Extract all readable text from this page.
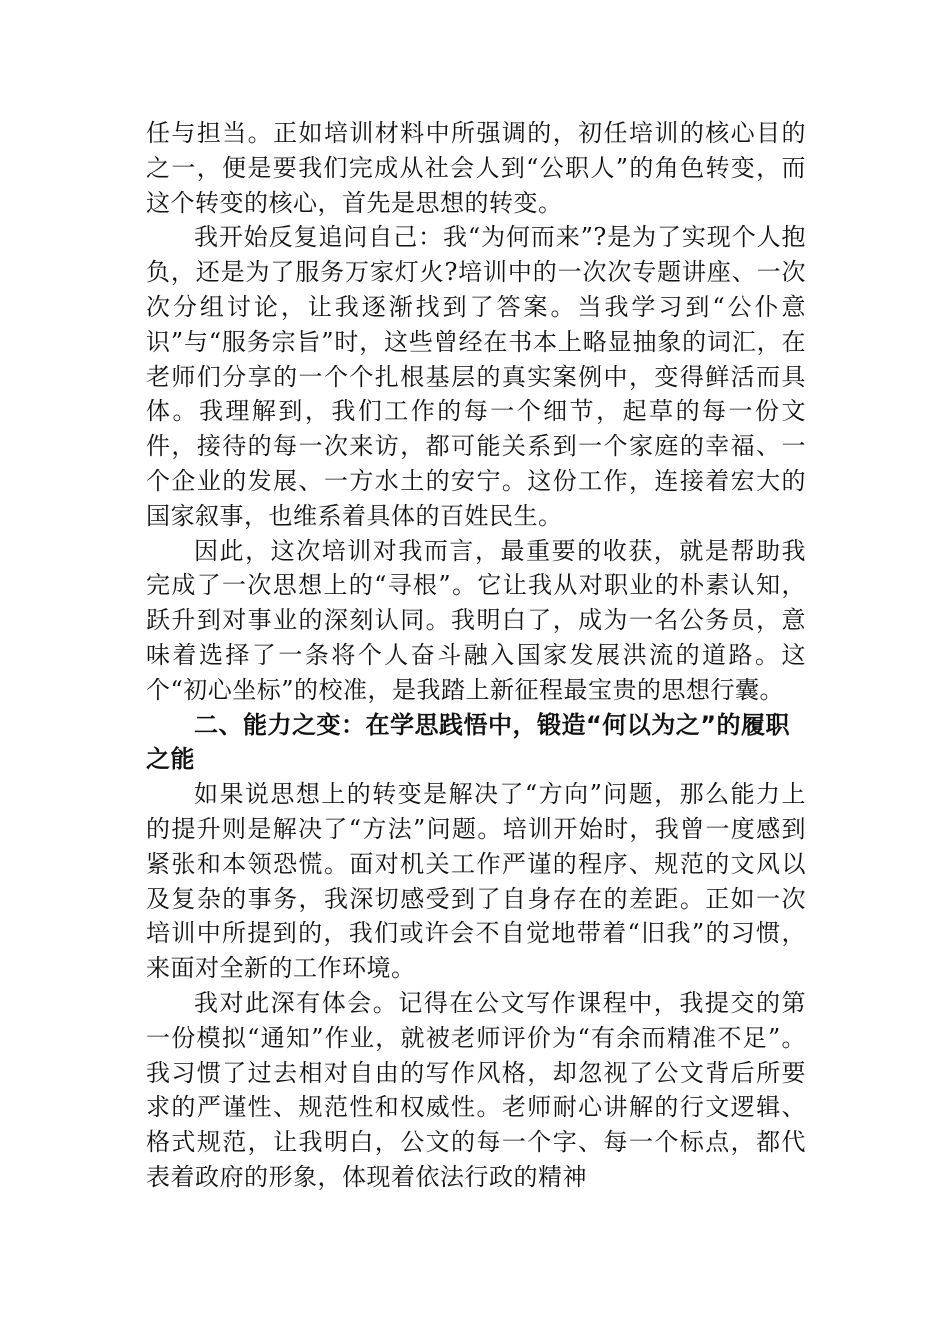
任与担当。正如培训材料中所强调的，初任培训的核心目的之一，便是要我们完成从社会人到“公职人”的角色转变，而这个转变的核心，首先是思想的转变。

我开始反复追问自己：我“为何而来”?是为了实现个人抱负，还是为了服务万家灯火?培训中的一次次专题讲座、一次次分组讨论，让我逐渐找到了答案。当我学习到“公仆意识”与“服务宗旨”时，这些曾经在书本上略显抽象的词汇，在老师们分享的一个个扎根基层的真实案例中，变得鲜活而具体。我理解到，我们工作的每一个细节，起草的每一份文件，接待的每一次来访，都可能关系到一个家庭的幸福、一个企业的发展、一方水土的安宁。这份工作，连接着宏大的国家叙事，也维系着具体的百姓民生。

因此，这次培训对我而言，最重要的收获，就是帮助我完成了一次思想上的“寻根”。它让我从对职业的朴素认知，跃升到对事业的深刻认同。我明白了，成为一名公务员，意味着选择了一条将个人奋斗融入国家发展洪流的道路。这个“初心坐标”的校准，是我踏上新征程最宝贵的思想行囊。

二、能力之变：在学思践悟中，锻造“何以为之”的履职之能

如果说思想上的转变是解决了“方向”问题，那么能力上的提升则是解决了“方法”问题。培训开始时，我曾一度感到紧张和本领恐慌。面对机关工作严谨的程序、规范的文风以及复杂的事务，我深切感受到了自身存在的差距。正如一次培训中所提到的，我们或许会不自觉地带着“旧我”的习惯，来面对全新的工作环境。

我对此深有体会。记得在公文写作课程中，我提交的第一份模拟“通知”作业，就被老师评价为“有余而精准不足”。我习惯了过去相对自由的写作风格，却忽视了公文背后所要求的严谨性、规范性和权威性。老师耐心讲解的行文逻辑、格式规范，让我明白，公文的每一个字、每一个标点，都代表着政府的形象，体现着依法行政的精神
